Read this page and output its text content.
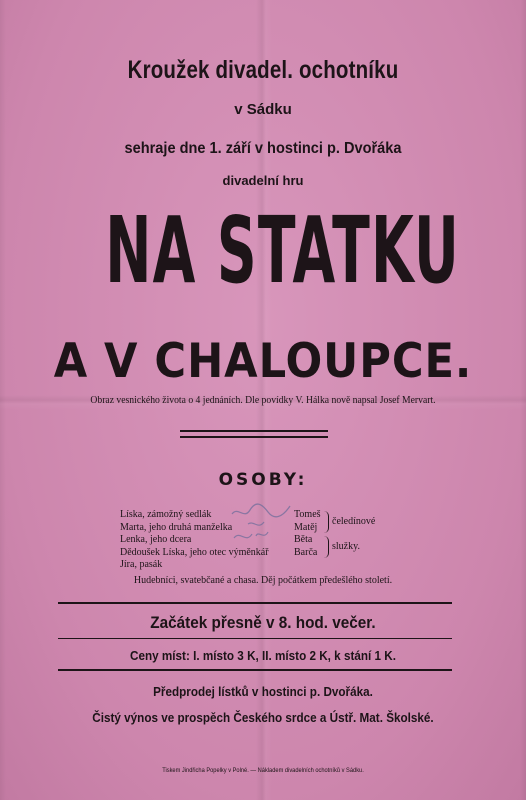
Kroužek divadel. ochotníku

v Sádku

sehraje dne 1. září v hostinci p. Dvořáka

divadelní hru

NA STATKU

A V CHALOUPCE.

Obraz vesnického života o 4 jednáních. Dle povídky V. Hálka nově napsal Josef Mervart.

OSOBY:

Líska, zámožný sedlák
Marta, jeho druhá manželka
Lenka, jeho dcera
Dědoušek Líska, jeho otec výměnkář
Jíra, pasák
Tomeš
Matěj	čeledínové
Běta
Barča služky.

Hudebníci, svatebčané a chasa. Děj počátkem předešlého století.

Začátek přesně v 8. hod. večer.

Ceny míst: I. místo 3 K, II. místo 2 K, k stání 1 K.

Předprodej lístků v hostinci p. Dvořáka.

Čistý výnos ve prospěch Českého srdce a Ústř. Mat. Školské.

Tiskem Jindřicha Popelky v Polné. — Nákladem divadelních ochotníků v Sádku.
